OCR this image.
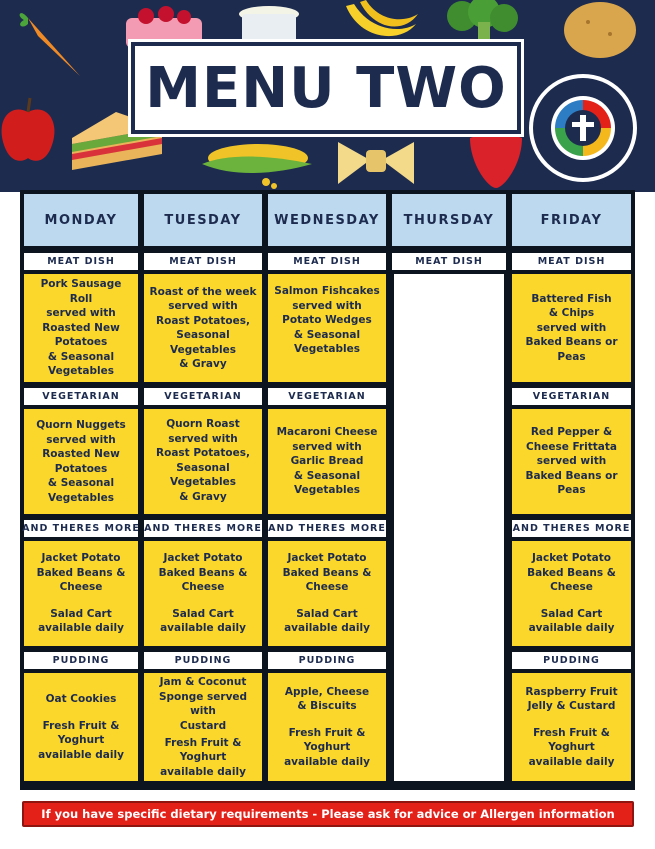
MENU TWO
MONDAY
MEAT DISH
Pork Sausage Roll
served with
Roasted New
Potatoes
& Seasonal
Vegetables
VEGETARIAN
Quorn Nuggets
served with
Roasted New
Potatoes
& Seasonal
Vegetables
AND THERES MORE
Jacket Potato
Baked Beans &
Cheese
Salad Cart
available daily
PUDDING
Oat Cookies
Fresh Fruit &
Yoghurt
available daily
TUESDAY
MEAT DISH
Roast of the week
served with
Roast Potatoes,
Seasonal Vegetables
& Gravy
VEGETARIAN
Quorn Roast
served with
Roast Potatoes,
Seasonal Vegetables
& Gravy
AND THERES MORE
Jacket Potato
Baked Beans &
Cheese
Salad Cart
available daily
PUDDING
Jam & Coconut
Sponge served with
Custard
Fresh Fruit &
Yoghurt
available daily
WEDNESDAY
MEAT DISH
Salmon Fishcakes
served with
Potato Wedges
& Seasonal
Vegetables
VEGETARIAN
Macaroni Cheese
served with
Garlic Bread
& Seasonal
Vegetables
AND THERES MORE
Jacket Potato
Baked Beans &
Cheese
Salad Cart
available daily
PUDDING
Apple, Cheese
& Biscuits
Fresh Fruit &
Yoghurt
available daily
THURSDAY
MEAT DISH
FRIDAY
MEAT DISH
Battered Fish
& Chips
served with
Baked Beans or
Peas
VEGETARIAN
Red Pepper &
Cheese Frittata
served with
Baked Beans or
Peas
AND THERES MORE
Jacket Potato
Baked Beans &
Cheese
Salad Cart
available daily
PUDDING
Raspberry Fruit
Jelly & Custard
Fresh Fruit &
Yoghurt
available daily
If you have specific dietary requirements - Please ask for advice or Allergen information
